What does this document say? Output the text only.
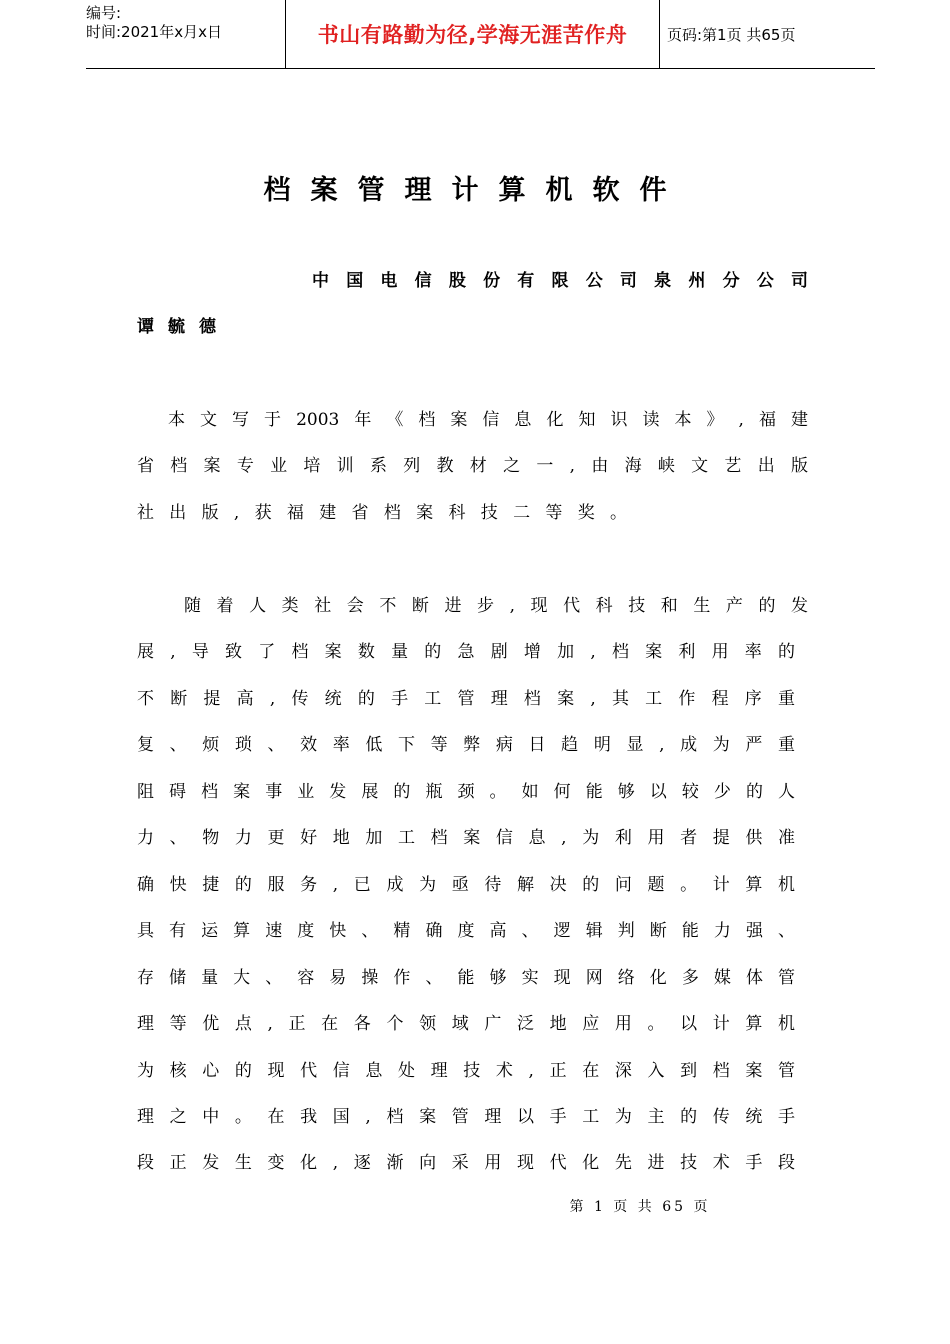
编号:
时间:2021年x月x日	书山有路勤为径,学海无涯苦作舟	页码:第1页 共65页
档案管理计算机软件
中国电信股份有限公司泉州分公司
谭毓德
本文写于2003年《档案信息化知识读本》,福建
省档案专业培训系列教材之一,由海峡文艺出版
社出版,获福建省档案科技二等奖。
随着人类社会不断进步,现代科技和生产的发
展,导致了档案数量的急剧增加,档案利用率的
不断提高,传统的手工管理档案,其工作程序重
复、烦琐、效率低下等弊病日趋明显,成为严重
阻碍档案事业发展的瓶颈。如何能够以较少的人
力、物力更好地加工档案信息,为利用者提供准
确快捷的服务,已成为亟待解决的问题。计算机
具有运算速度快、精确度高、逻辑判断能力强、
存储量大、容易操作、能够实现网络化多媒体管
理等优点,正在各个领域广泛地应用。以计算机
为核心的现代信息处理技术,正在深入到档案管
理之中。在我国,档案管理以手工为主的传统手
段正发生变化,逐渐向采用现代化先进技术手段
第 1 页 共 65 页
